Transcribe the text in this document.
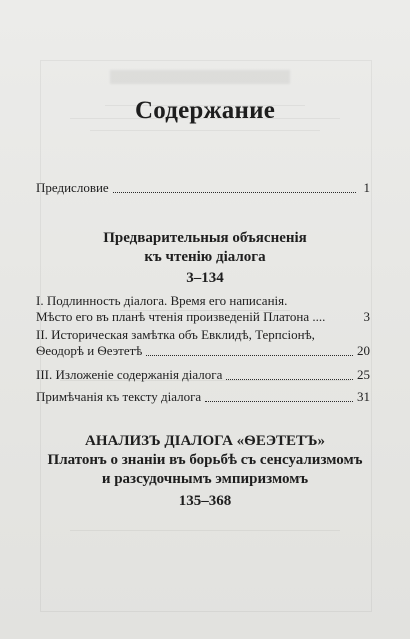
Содержание
Предисловие	1
Предварительныя объясненія
къ чтенію діалога
3–134
I. Подлинность діалога. Время его написанія.
Мѣсто его въ планѣ чтенія произведеній Платона ....	3
II. Историческая замѣтка объ Евклидѣ, Терпсіонѣ,
Ѳеодорѣ и Ѳеэтетѣ	20
III. Изложеніе содержанія діалога	25
Примѣчанія къ тексту діалога	31
АНАЛИЗЪ ДІАЛОГА «ѲЕЭТЕТЪ»
Платонъ о знаніи въ борьбѣ съ сенсуализмомъ
и разсудочнымъ эмпиризмомъ
135–368
